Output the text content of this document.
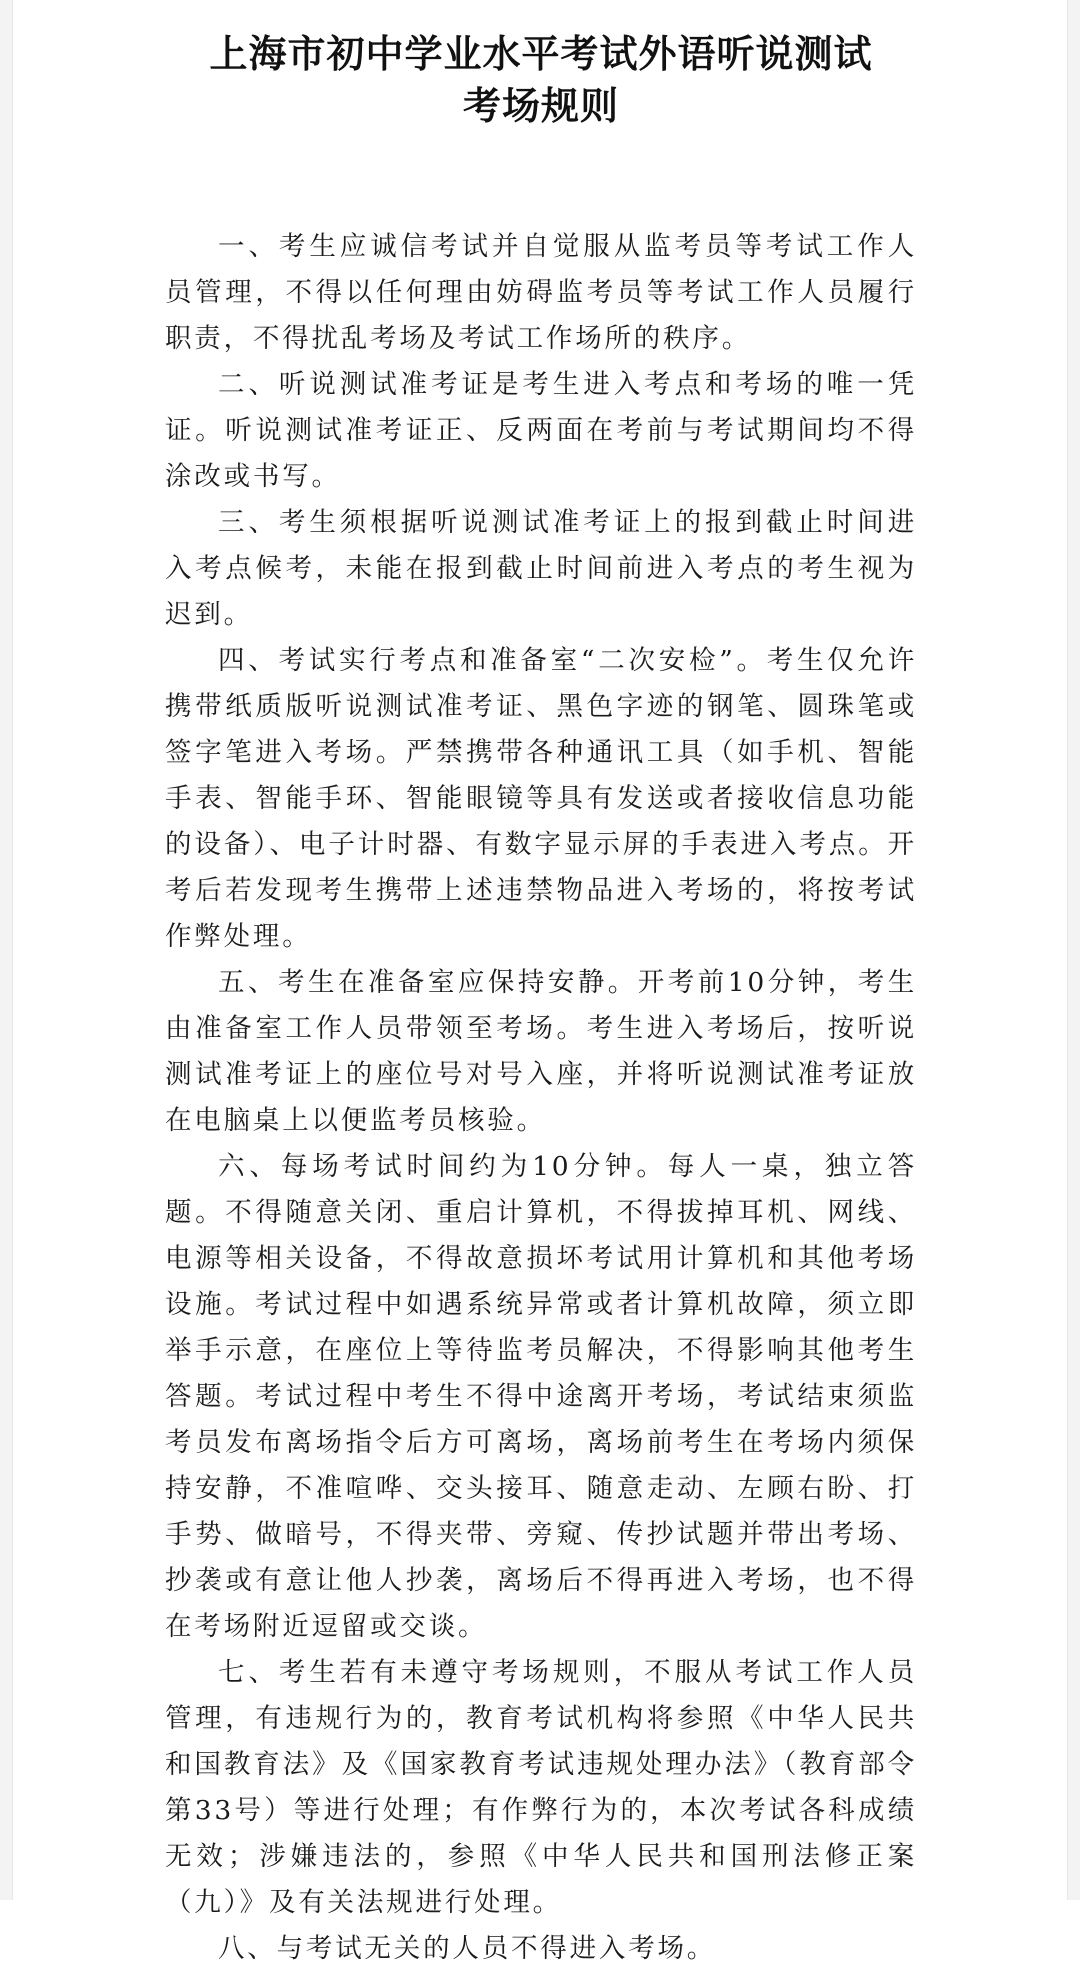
上海市初中学业水平考试外语听说测试
考场规则

一、考生应诚信考试并自觉服从监考员等考试工作人员管理，不得以任何理由妨碍监考员等考试工作人员履行职责，不得扰乱考场及考试工作场所的秩序。

二、听说测试准考证是考生进入考点和考场的唯一凭证。听说测试准考证正、反两面在考前与考试期间均不得涂改或书写。

三、考生须根据听说测试准考证上的报到截止时间进入考点候考，未能在报到截止时间前进入考点的考生视为迟到。

四、考试实行考点和准备室“二次安检”。考生仅允许携带纸质版听说测试准考证、黑色字迹的钢笔、圆珠笔或签字笔进入考场。严禁携带各种通讯工具（如手机、智能手表、智能手环、智能眼镜等具有发送或者接收信息功能的设备）、电子计时器、有数字显示屏的手表进入考点。开考后若发现考生携带上述违禁物品进入考场的，将按考试作弊处理。

五、考生在准备室应保持安静。开考前10分钟，考生由准备室工作人员带领至考场。考生进入考场后，按听说测试准考证上的座位号对号入座，并将听说测试准考证放在电脑桌上以便监考员核验。

六、每场考试时间约为10分钟。每人一桌，独立答题。不得随意关闭、重启计算机，不得拔掉耳机、网线、电源等相关设备，不得故意损坏考试用计算机和其他考场设施。考试过程中如遇系统异常或者计算机故障，须立即举手示意，在座位上等待监考员解决，不得影响其他考生答题。考试过程中考生不得中途离开考场，考试结束须监考员发布离场指令后方可离场，离场前考生在考场内须保持安静，不准喧哗、交头接耳、随意走动、左顾右盼、打手势、做暗号，不得夹带、旁窥、传抄试题并带出考场、抄袭或有意让他人抄袭，离场后不得再进入考场，也不得在考场附近逗留或交谈。

七、考生若有未遵守考场规则，不服从考试工作人员管理，有违规行为的，教育考试机构将参照《中华人民共和国教育法》及《国家教育考试违规处理办法》（教育部令第33号）等进行处理；有作弊行为的，本次考试各科成绩无效；涉嫌违法的，参照《中华人民共和国刑法修正案（九）》及有关法规进行处理。

八、与考试无关的人员不得进入考场。
